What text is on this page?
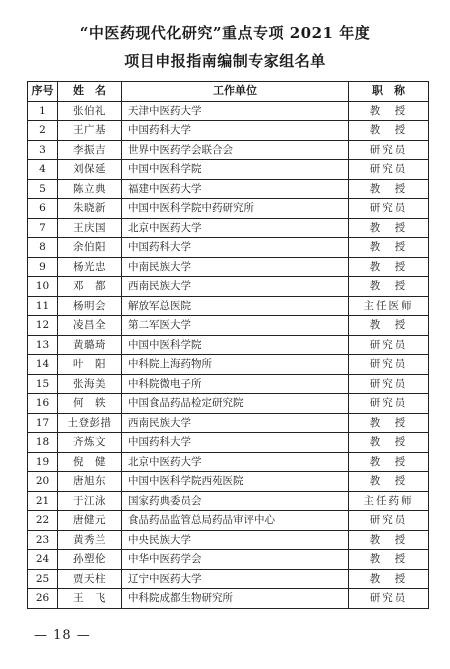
“中医药现代化研究”重点专项 2021 年度
项目申报指南编制专家组名单
序号	姓　名	工作单位	职　称
1	张伯礼	天津中医药大学	教　授
2	王广基	中国药科大学	教　授
3	李振吉	世界中医药学会联合会	研究员
4	刘保延	中国中医科学院	研究员
5	陈立典	福建中医药大学	教　授
6	朱晓新	中国中医科学院中药研究所	研究员
7	王庆国	北京中医药大学	教　授
8	余伯阳	中国药科大学	教　授
9	杨光忠	中南民族大学	教　授
10	邓　都	西南民族大学	教　授
11	杨明会	解放军总医院	主任医师
12	凌昌全	第二军医大学	教　授
13	黄璐琦	中国中医科学院	研究员
14	叶　阳	中科院上海药物所	研究员
15	张海美	中科院微电子所	研究员
16	何　轶	中国食品药品检定研究院	研究员
17	土登彭措	西南民族大学	教　授
18	齐炼文	中国药科大学	教　授
19	倪　健	北京中医药大学	教　授
20	唐旭东	中国中医科学院西苑医院	教　授
21	于江泳	国家药典委员会	主任药师
22	唐健元	食品药品监管总局药品审评中心	研究员
23	黄秀兰	中央民族大学	教　授
24	孙塑伦	中华中医药学会	教　授
25	贾天柱	辽宁中医药大学	教　授
26	王　飞	中科院成都生物研究所	研究员
— 18 —
